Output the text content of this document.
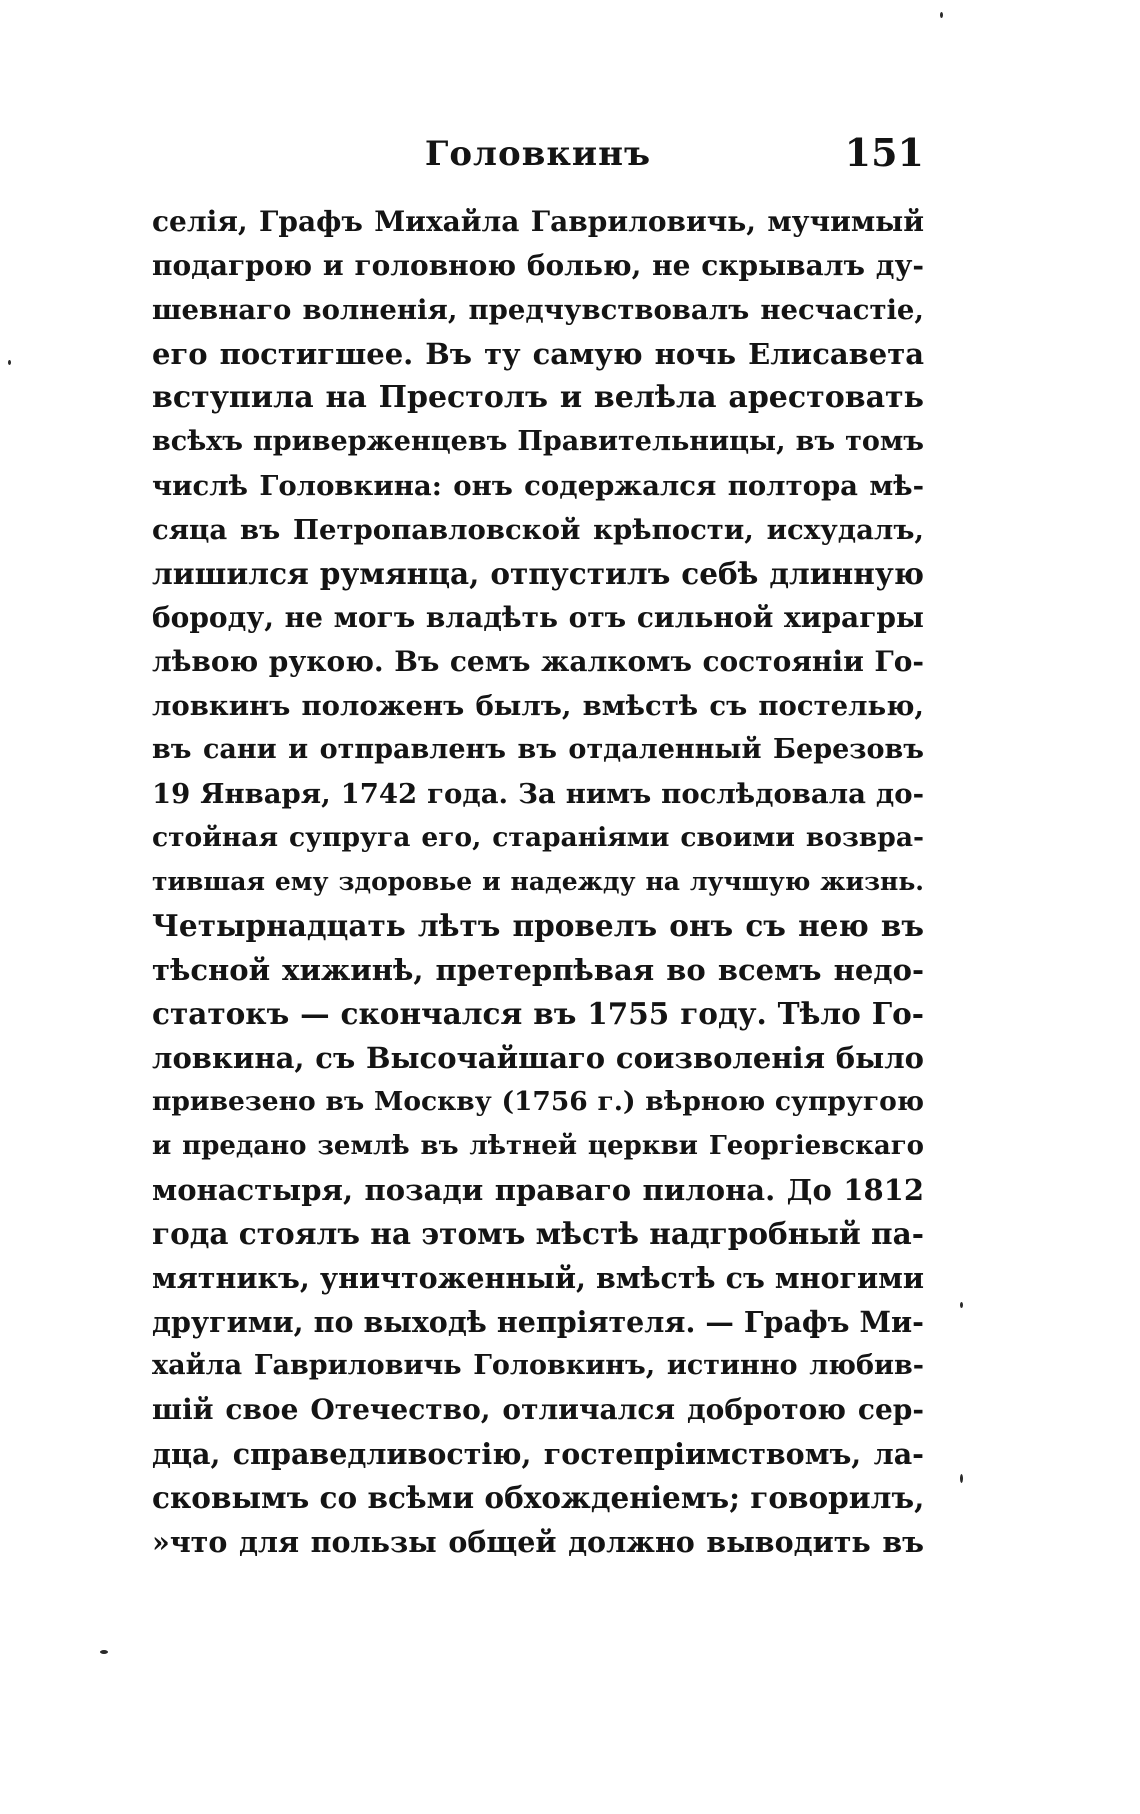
Головкинъ	151
селія, Графъ Михайла Гавриловичь, мучимый
подагрою и головною болью, не скрывалъ ду-
шевнаго волненія, предчувствовалъ несчастіе,
его постигшее. Въ ту самую ночь Елисавета
вступила на Престолъ и велѣла арестовать
всѣхъ приверженцевъ Правительницы, въ томъ
числѣ Головкина: онъ содержался полтора мѣ-
сяца въ Петропавловской крѣпости, исхудалъ,
лишился румянца, отпустилъ себѣ длинную
бороду, не могъ владѣть отъ сильной хирагры
лѣвою рукою. Въ семъ жалкомъ состояніи Го-
ловкинъ положенъ былъ, вмѣстѣ съ постелью,
въ сани и отправленъ въ отдаленный Березовъ
19 Января, 1742 года. За нимъ послѣдовала до-
стойная супруга его, стараніями своими возвра-
тившая ему здоровье и надежду на лучшую жизнь.
Четырнадцать лѣтъ провелъ онъ съ нею въ
тѣсной хижинѣ, претерпѣвая во всемъ недо-
статокъ — скончался въ 1755 году. Тѣло Го-
ловкина, съ Высочайшаго соизволенія было
привезено въ Москву (1756 г.) вѣрною супругою
и предано землѣ въ лѣтней церкви Георгіевскаго
монастыря, позади праваго пилона. До 1812
года стоялъ на этомъ мѣстѣ надгробный па-
мятникъ, уничтоженный, вмѣстѣ съ многими
другими, по выходѣ непріятеля. — Графъ Ми-
хайла Гавриловичь Головкинъ, истинно любив-
шій свое Отечество, отличался добротою сер-
дца, справедливостію, гостепріимствомъ, ла-
сковымъ со всѣми обхожденіемъ; говорилъ,
»что для пользы общей должно выводить въ
